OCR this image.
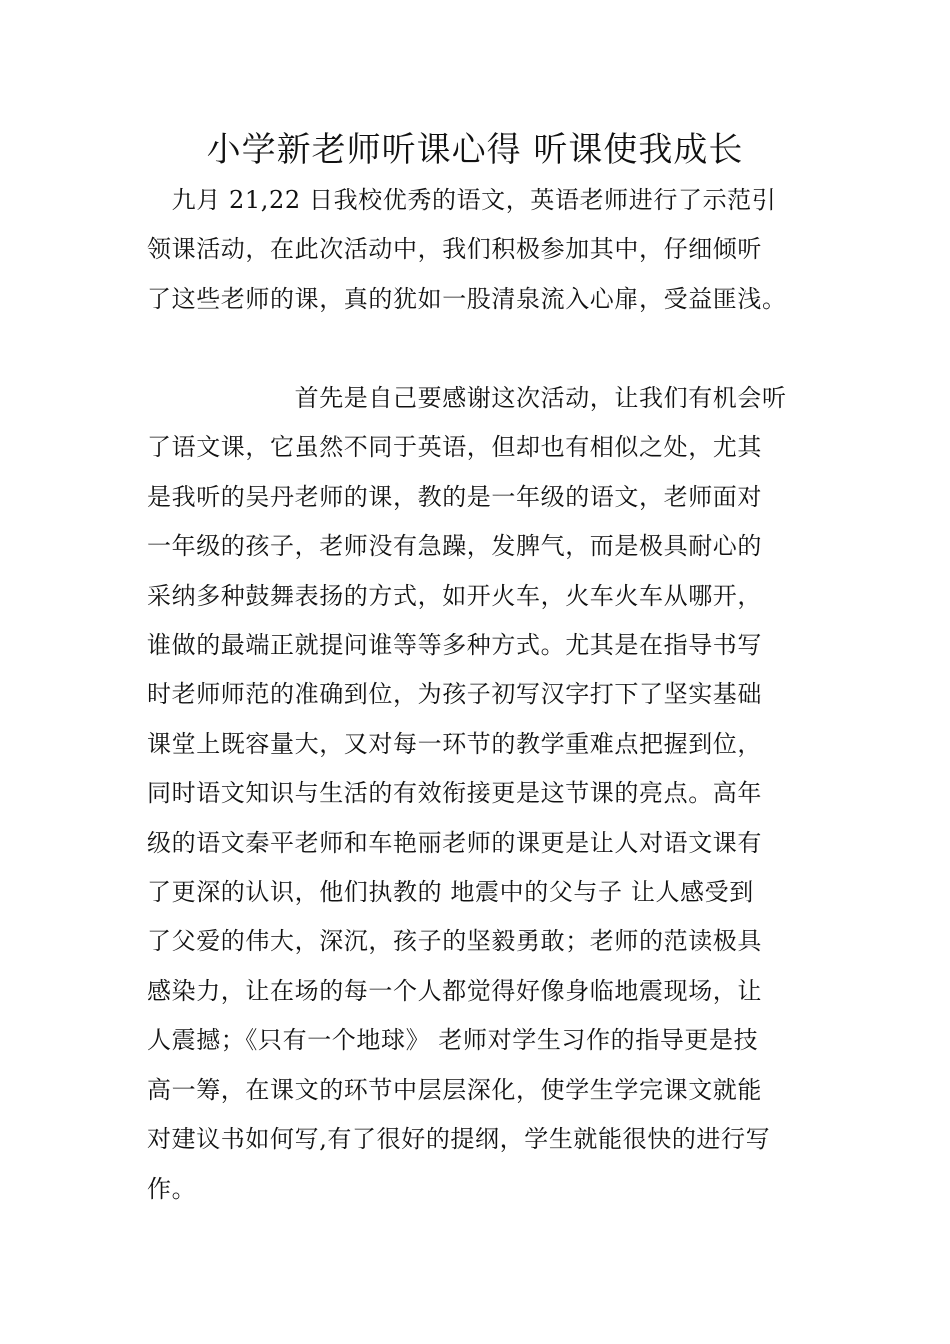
小学新老师听课心得 听课使我成长
　九月 21,22 日我校优秀的语文，英语老师进行了示范引
领课活动，在此次活动中，我们积极参加其中，仔细倾听
了这些老师的课，真的犹如一股清泉流入心扉，受益匪浅。
　　　　　　首先是自己要感谢这次活动，让我们有机会听
了语文课，它虽然不同于英语，但却也有相似之处，尤其
是我听的吴丹老师的课，教的是一年级的语文，老师面对
一年级的孩子，老师没有急躁，发脾气，而是极具耐心的
采纳多种鼓舞表扬的方式，如开火车，火车火车从哪开，
谁做的最端正就提问谁等等多种方式。尤其是在指导书写
时老师师范的准确到位，为孩子初写汉字打下了坚实基础
课堂上既容量大，又对每一环节的教学重难点把握到位，
同时语文知识与生活的有效衔接更是这节课的亮点。高年
级的语文秦平老师和车艳丽老师的课更是让人对语文课有
了更深的认识，他们执教的 地震中的父与子 让人感受到
了父爱的伟大，深沉，孩子的坚毅勇敢；老师的范读极具
感染力，让在场的每一个人都觉得好像身临地震现场，让
人震撼；《只有一个地球》 老师对学生习作的指导更是技
高一筹，在课文的环节中层层深化，使学生学完课文就能
对建议书如何写,有了很好的提纲，学生就能很快的进行写
作。
